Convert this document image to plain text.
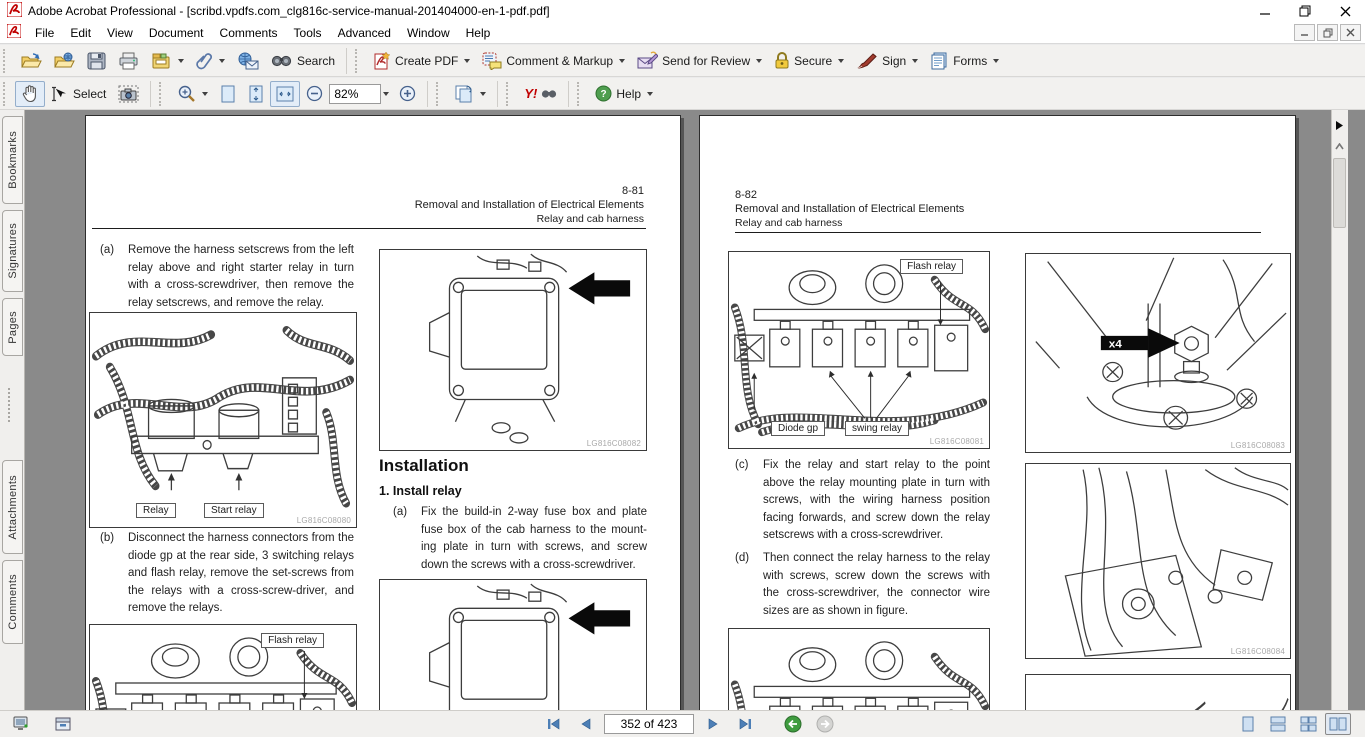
Adobe Acrobat Professional - [scribd.vpdfs.com_clg816c-service-manual-201404000-en-1-pdf.pdf]
File	Edit	View	Document	Comments	Tools	Advanced	Window	Help
Search	Create PDF	Comment & Markup	Send for Review	Secure	Sign	Forms
Select
82%	Y!	? Help
Bookmarks
Signatures
Pages
Attachments
Comments
8-81
Removal and Installation of Electrical Elements
Relay and cab harness
(a)	Remove the harness setscrews from the left relay above and right starter relay in turn with a cross-screwdriver, then remove the relay setscrews, and remove the relay.
Relay	Start relay
LG816C08080
(b)	Disconnect the harness connectors from the diode gp at the rear side, 3 switching relays and flash relay, remove the set-screws from the relays with a cross-screw-driver, and remove the relays.
Flash relay
LG816C08082
Installation
1. Install relay
(a)	Fix the build-in 2-way fuse box and plate fuse box of the cab harness to the mount-ing plate in turn with screws, and screw down the screws with a cross-screwdriver.
8-82
Removal and Installation of Electrical Elements
Relay and cab harness
Flash relay
Diode gp	swing relay
LG816C08081
(c)	Fix the relay and start relay to the point above the relay mounting plate in turn with screws, with the wiring harness position facing forwards, and screw down the relay setscrews with a cross-screwdriver.
(d)	Then connect the relay harness to the relay with screws, screw down the screws with the cross-screwdriver, the connector wire sizes are as shown in figure.
LG816C08083
LG816C08084
352 of 423
